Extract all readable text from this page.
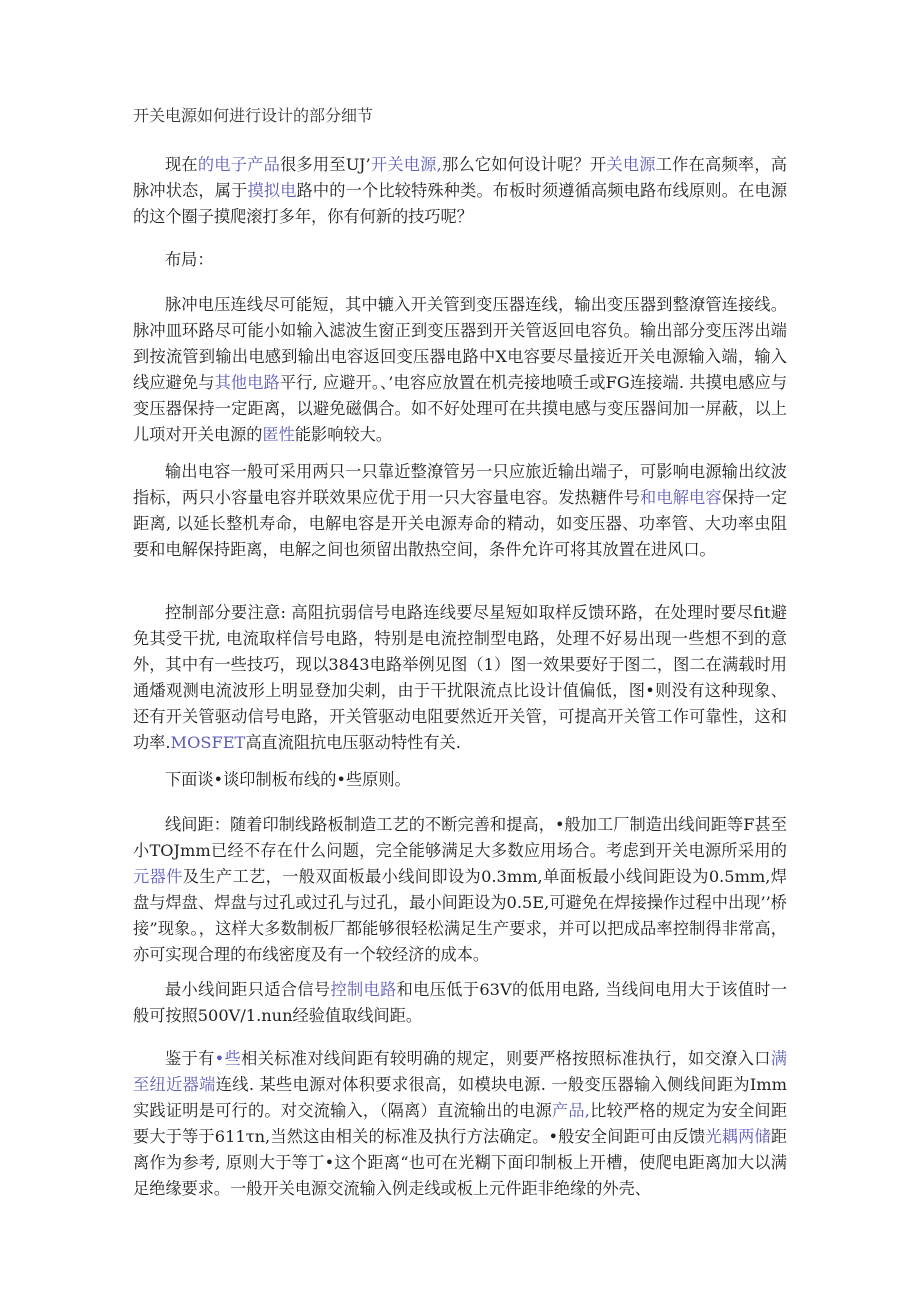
开关电源如何进行设计的部分细节

现在的电子产品很多用至UJ’开关电源,那么它如何设计呢？开关电源工作在高频率，高脉冲状态，属于摸拟电路中的一个比较特殊种类。布板时须遵循高频电路布线原则。在电源的这个圈子摸爬滚打多年，你有何新的技巧呢？

布局：

脉冲电压连线尽可能短，其中辘入开关管到变压器连线，输出变压器到整潦管连接线。脉冲皿环路尽可能小如输入滤波生窗正到变压器到开关管返回电容负。输出部分变压涔出端到按流管到输出电感到输出电容返回变压器电路中X电容要尽量接近开关电源输入端，输入线应避免与其他电路平行, 应避开。、’电容应放置在机壳接地喷壬或FG连接端. 共摸电感应与变压器保持一定距离，以避免磁偶合。如不好处理可在共摸电感与变压器间加一屏蔽，以上儿项对开关电源的匿性能影响较大。

输出电容一般可采用两只一只靠近整潦管另一只应旅近输出端子，可影响电源输出纹波指标，两只小容量电容并联效果应优于用一只大容量电容。发热糖件号和电解电容保持一定距离, 以延长整机寿命，电解电容是开关电源寿命的精动，如变压器、功率管、大功率虫阻要和电解保持距离，电解之间也须留出散热空间，条件允许可将其放置在进风口。

控制部分要注意: 高阻抗弱信号电路连线要尽星短如取样反馈环路，在处理时要尽fit避免其受干扰, 电流取样信号电路，特别是电流控制型电路，处理不好易出现一些想不到的意外，其中有一些技巧，现以3843电路举例见图（1）图一效果要好于图二，图二在满载时用通燔观测电流波形上明显登加尖刺，由于干扰限流点比设计值偏低，图•则没有这种现象、还有开关管驱动信号电路，开关管驱动电阻要然近开关管，可提高开关管工作可靠性，这和功率.MOSFET高直流阻抗电压驱动特性有关.

下面谈•谈印制板布线的•些原则。

线间距：随着印制线路板制造工艺的不断完善和提高，•般加工厂制造出线间距等F甚至小TOJmm已经不存在什么问题，完全能够满足大多数应用场合。考虑到开关电源所采用的元器件及生产工艺，一般双面板最小线间即设为0.3mm,单面板最小线间距设为0.5mm,焊盘与焊盘、焊盘与过孔或过孔与过孔，最小间距设为0.5E,可避免在焊接操作过程中出现’’桥接”现象。，这样大多数制板厂都能够很轻松满足生产要求，并可以把成品率控制得非常高，亦可实现合理的布线密度及有一个较经济的成本。

最小线间距只适合信号控制电路和电压低于63V的低用电路, 当线间电用大于该值时一般可按照500V∕1.nun经验值取线间距。

鉴于有•些相关标准对线间距有较明确的规定，则要严格按照标准执行，如交潦入口满至纽近器端连线. 某些电源对体积要求很高，如模块电源. 一般变压器输入侧线间距为Imm实践证明是可行的。对交流输入，（隔离）直流输出的电源产品,比较严格的规定为安全间距要大于等于611τn,当然这由相关的标准及执行方法确定。•般安全间距可由反馈光耦两储距离作为参考, 原则大于等丁•这个距离“也可在光糊下面印制板上开槽，使爬电距离加大以满足绝缘要求。一般开关电源交流输入例走线或板上元件距非绝缘的外壳、
